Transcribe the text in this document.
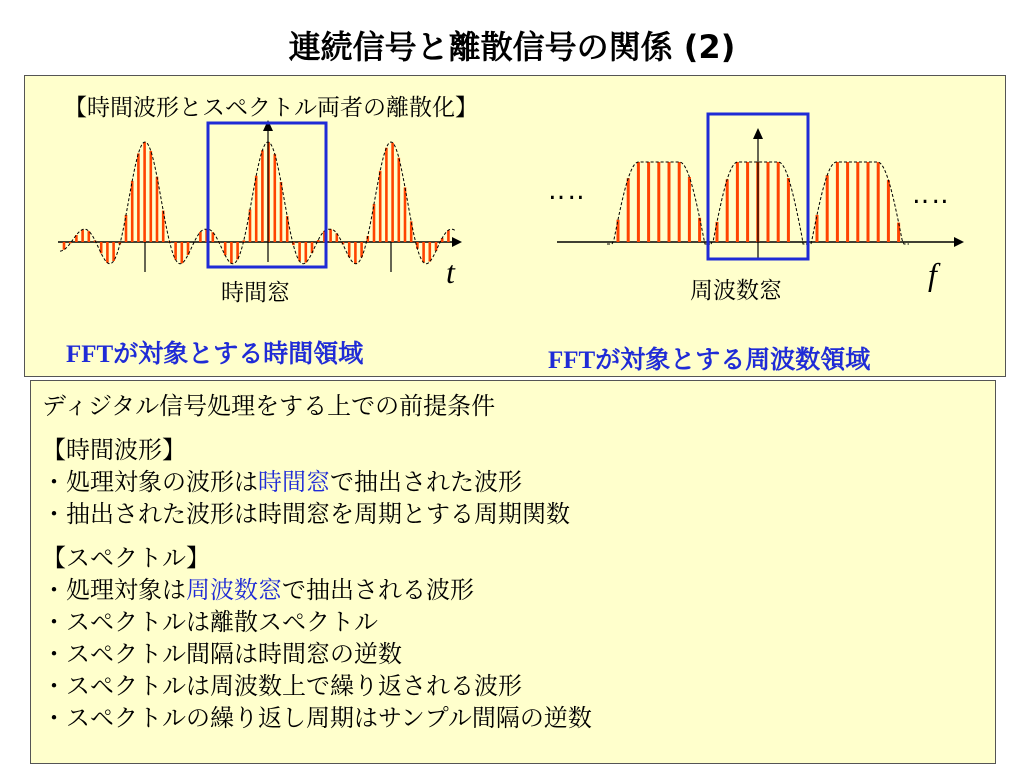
連続信号と離散信号の関係 (2)
【時間波形とスペクトル両者の離散化】
‥‥	‥‥
時間窓	周波数窓
t	f
FFTが対象とする時間領域	FFTが対象とする周波数領域
ディジタル信号処理をする上での前提条件
【時間波形】
・処理対象の波形は時間窓で抽出された波形
・抽出された波形は時間窓を周期とする周期関数
【スペクトル】
・処理対象は周波数窓で抽出される波形
・スペクトルは離散スペクトル
・スペクトル間隔は時間窓の逆数
・スペクトルは周波数上で繰り返される波形
・スペクトルの繰り返し周期はサンプル間隔の逆数
